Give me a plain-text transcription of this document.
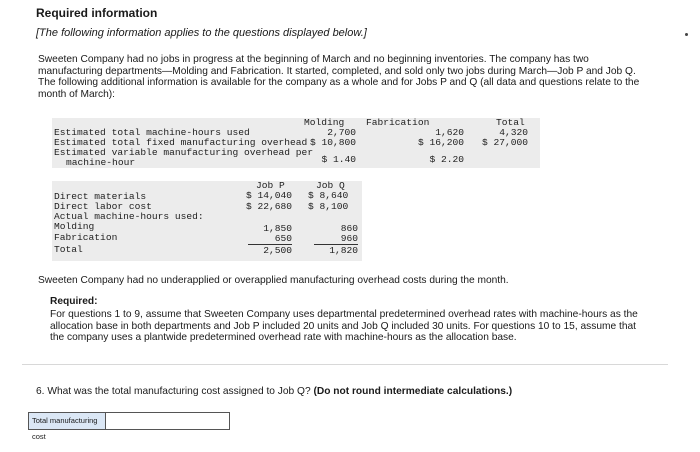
Required information
[The following information applies to the questions displayed below.]
Sweeten Company had no jobs in progress at the beginning of March and no beginning inventories. The company has two manufacturing departments—Molding and Fabrication. It started, completed, and sold only two jobs during March—Job P and Job Q. The following additional information is available for the company as a whole and for Jobs P and Q (all data and questions relate to the month of March):
Molding Fabrication	Total
Estimated total machine-hours used	2,700	1,620	4,320
Estimated total fixed manufacturing overhead $ 10,800	$ 16,200	$ 27,000
Estimated variable manufacturing overhead per
machine-hour	$ 1.40	$ 2.20
Job P	Job Q
Direct materials	$ 14,040 $ 8,640
Direct labor cost	$ 22,680 $ 8,100
Actual machine-hours used:
Molding	1,850	860
Fabrication	650	960
Total	2,500	1,820
Sweeten Company had no underapplied or overapplied manufacturing overhead costs during the month.
Required:
For questions 1 to 9, assume that Sweeten Company uses departmental predetermined overhead rates with machine-hours as the allocation base in both departments and Job P included 20 units and Job Q included 30 units. For questions 10 to 15, assume that the company uses a plantwide predetermined overhead rate with machine-hours as the allocation base.
6. What was the total manufacturing cost assigned to Job Q? (Do not round intermediate calculations.)
Total manufacturing cost
